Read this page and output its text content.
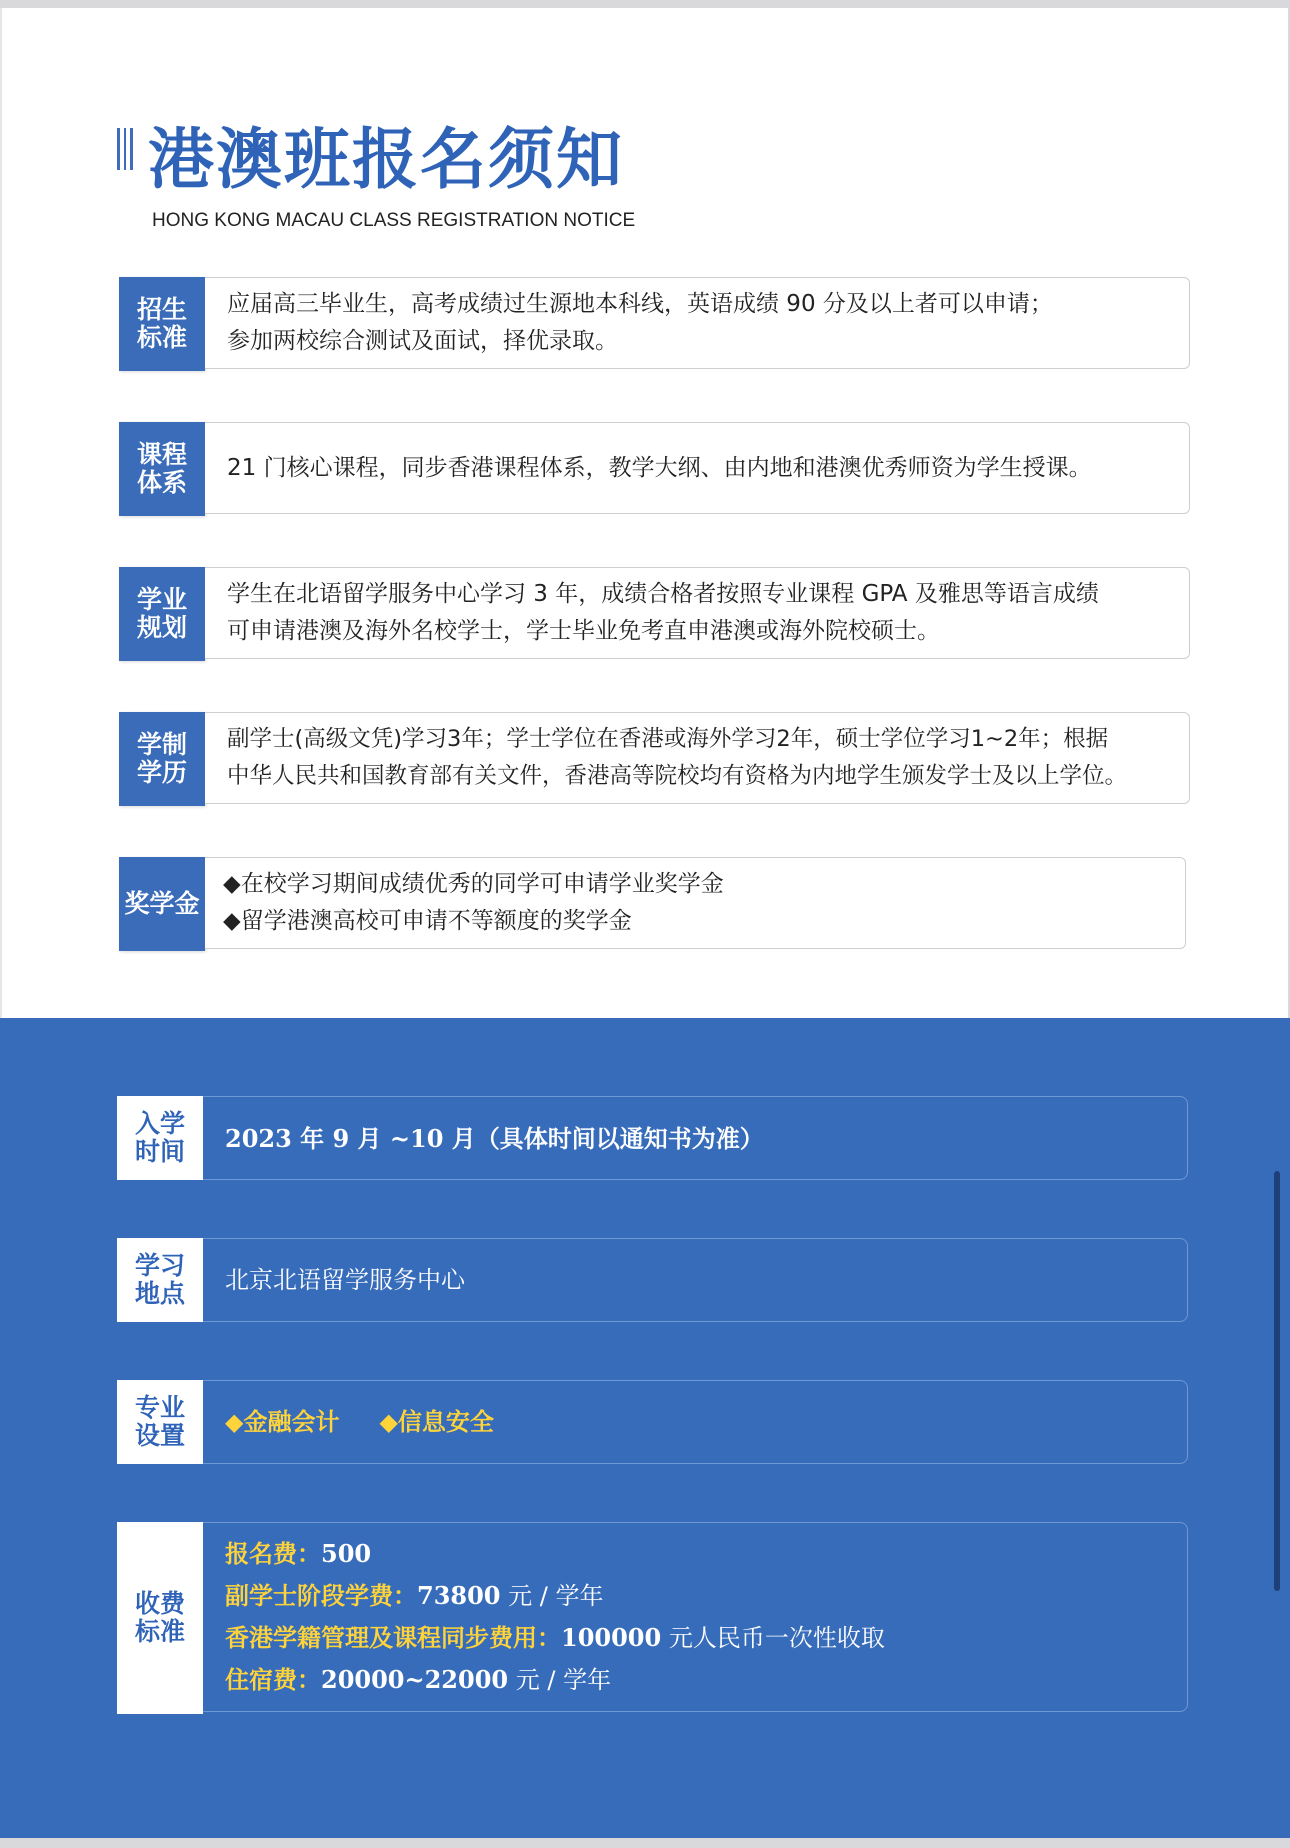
港澳班报名须知
HONG KONG MACAU CLASS REGISTRATION NOTICE
招生
标准
应届高三毕业生，高考成绩过生源地本科线，英语成绩 90 分及以上者可以申请；
参加两校综合测试及面试，择优录取。
课程
体系
21 门核心课程，同步香港课程体系，教学大纲、由内地和港澳优秀师资为学生授课。
学业
规划
学生在北语留学服务中心学习 3 年，成绩合格者按照专业课程 GPA 及雅思等语言成绩
可申请港澳及海外名校学士，学士毕业免考直申港澳或海外院校硕士。
学制
学历
副学士(高级文凭)学习3年；学士学位在香港或海外学习2年，硕士学位学习1~2年；根据
中华人民共和国教育部有关文件，香港高等院校均有资格为内地学生颁发学士及以上学位。
奖学金
◆在校学习期间成绩优秀的同学可申请学业奖学金
◆留学港澳高校可申请不等额度的奖学金
入学
时间 2023 年 9 月 ~10 月（具体时间以通知书为准）
学习
地点 北京北语留学服务中心
专业
设置 ◆金融会计 ◆信息安全
收费
标准
报名费：500
副学士阶段学费：73800 元 / 学年
香港学籍管理及课程同步费用：100000 元人民币一次性收取
住宿费：20000~22000 元 / 学年
